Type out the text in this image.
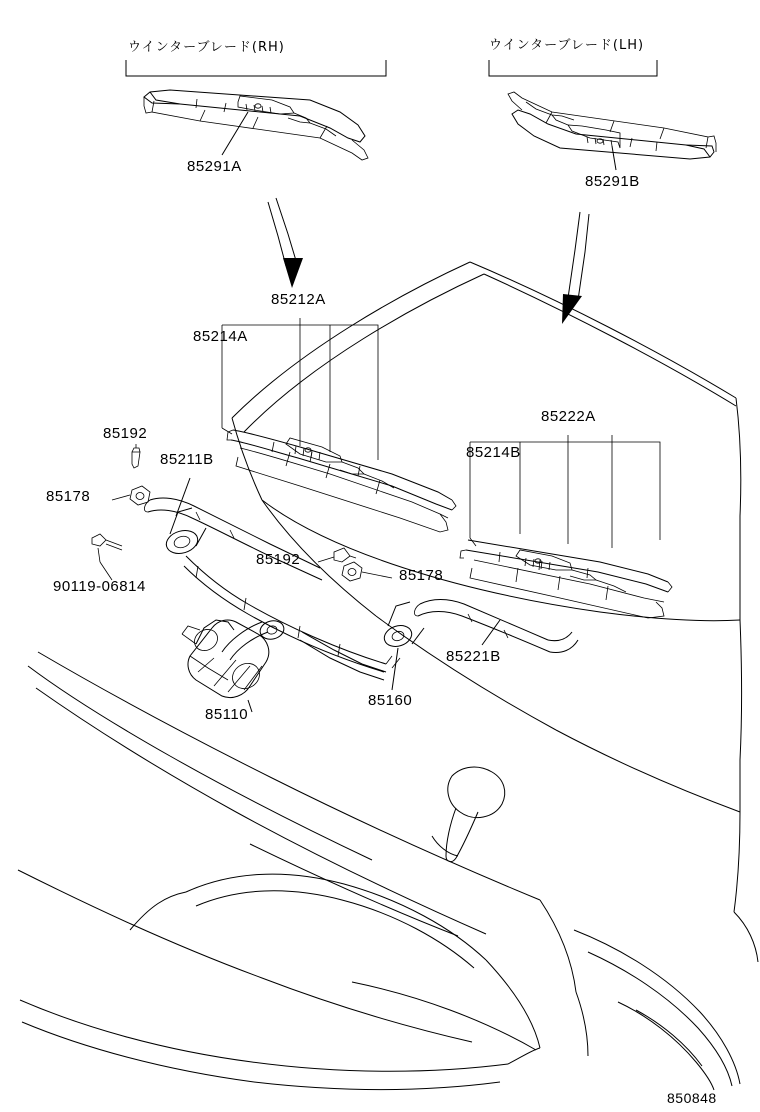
ウインターブレード(RH)	ウインターブレード(LH)
85291A
85291B
85212A
85214A
85192
85211B
85178
90119-06814
85192
85178
85222A
85214B
85221B
85160
85110
850848
